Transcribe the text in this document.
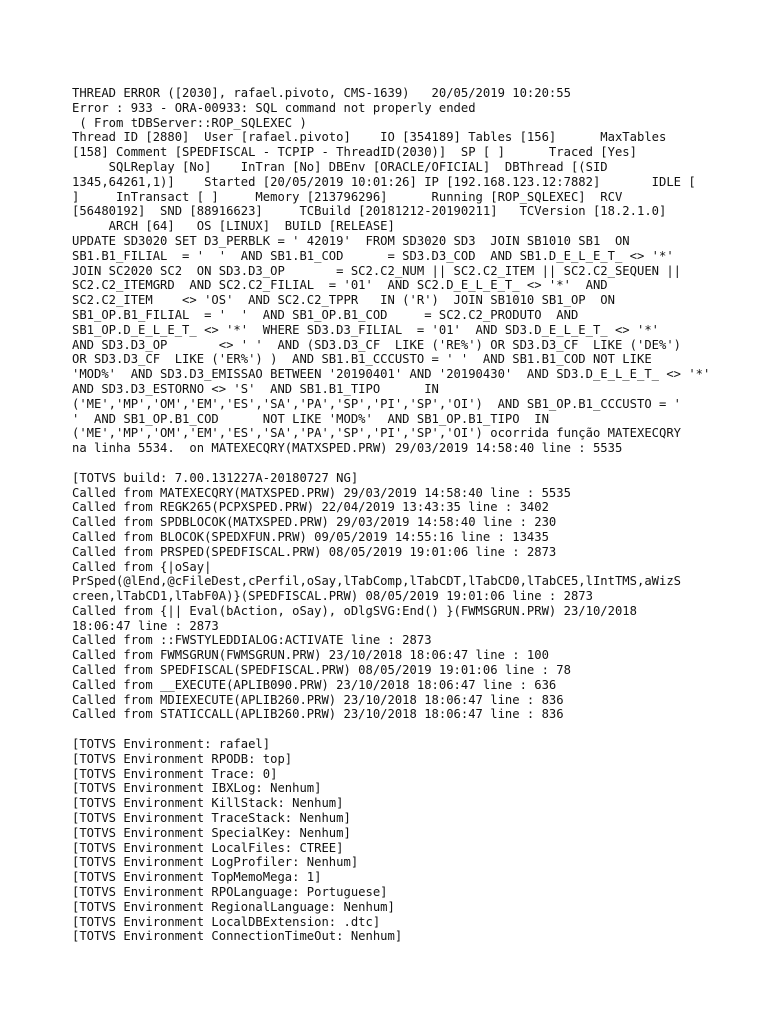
THREAD ERROR ([2030], rafael.pivoto, CMS-1639)   20/05/2019 10:20:55
Error : 933 - ORA-00933: SQL command not properly ended
( From tDBServer::ROP_SQLEXEC )
Thread ID [2880]  User [rafael.pivoto]    IO [354189] Tables [156]      MaxTables
[158] Comment [SPEDFISCAL - TCPIP - ThreadID(2030)]  SP [ ]      Traced [Yes]
SQLReplay [No]    InTran [No] DBEnv [ORACLE/OFICIAL]  DBThread [(SID
1345,64261,1)]    Started [20/05/2019 10:01:26] IP [192.168.123.12:7882]       IDLE [
]     InTransact [ ]     Memory [213796296]      Running [ROP_SQLEXEC]  RCV
[56480192]  SND [88916623]     TCBuild [20181212-20190211]   TCVersion [18.2.1.0]
ARCH [64]   OS [LINUX]  BUILD [RELEASE]
UPDATE SD3020 SET D3_PERBLK = ' 42019'  FROM SD3020 SD3  JOIN SB1010 SB1  ON
SB1.B1_FILIAL  = '  '  AND SB1.B1_COD      = SD3.D3_COD  AND SB1.D_E_L_E_T_ <> '*'
JOIN SC2020 SC2  ON SD3.D3_OP       = SC2.C2_NUM || SC2.C2_ITEM || SC2.C2_SEQUEN ||
SC2.C2_ITEMGRD  AND SC2.C2_FILIAL  = '01'  AND SC2.D_E_L_E_T_ <> '*'  AND
SC2.C2_ITEM    <> 'OS'  AND SC2.C2_TPPR   IN ('R')  JOIN SB1010 SB1_OP  ON
SB1_OP.B1_FILIAL  = '  '  AND SB1_OP.B1_COD     = SC2.C2_PRODUTO  AND
SB1_OP.D_E_L_E_T_ <> '*'  WHERE SD3.D3_FILIAL  = '01'  AND SD3.D_E_L_E_T_ <> '*'
AND SD3.D3_OP       <> ' '  AND (SD3.D3_CF  LIKE ('RE%') OR SD3.D3_CF  LIKE ('DE%')
OR SD3.D3_CF  LIKE ('ER%') )  AND SB1.B1_CCCUSTO = ' '  AND SB1.B1_COD NOT LIKE
'MOD%'  AND SD3.D3_EMISSAO BETWEEN '20190401' AND '20190430'  AND SD3.D_E_L_E_T_ <> '*'
AND SD3.D3_ESTORNO <> 'S'  AND SB1.B1_TIPO      IN
('ME','MP','OM','EM','ES','SA','PA','SP','PI','SP','OI')  AND SB1_OP.B1_CCCUSTO = '
'  AND SB1_OP.B1_COD      NOT LIKE 'MOD%'  AND SB1_OP.B1_TIPO  IN
('ME','MP','OM','EM','ES','SA','PA','SP','PI','SP','OI') ocorrida função MATEXECQRY
na linha 5534.  on MATEXECQRY(MATXSPED.PRW) 29/03/2019 14:58:40 line : 5535
[TOTVS build: 7.00.131227A-20180727 NG]
Called from MATEXECQRY(MATXSPED.PRW) 29/03/2019 14:58:40 line : 5535
Called from REGK265(PCPXSPED.PRW) 22/04/2019 13:43:35 line : 3402
Called from SPDBLOCOK(MATXSPED.PRW) 29/03/2019 14:58:40 line : 230
Called from BLOCOK(SPEDXFUN.PRW) 09/05/2019 14:55:16 line : 13435
Called from PRSPED(SPEDFISCAL.PRW) 08/05/2019 19:01:06 line : 2873
Called from {|oSay|
PrSped(@lEnd,@cFileDest,cPerfil,oSay,lTabComp,lTabCDT,lTabCD0,lTabCE5,lIntTMS,aWizS
creen,lTabCD1,lTabF0A)}(SPEDFISCAL.PRW) 08/05/2019 19:01:06 line : 2873
Called from {|| Eval(bAction, oSay), oDlgSVG:End() }(FWMSGRUN.PRW) 23/10/2018
18:06:47 line : 2873
Called from ::FWSTYLEDDIALOG:ACTIVATE line : 2873
Called from FWMSGRUN(FWMSGRUN.PRW) 23/10/2018 18:06:47 line : 100
Called from SPEDFISCAL(SPEDFISCAL.PRW) 08/05/2019 19:01:06 line : 78
Called from __EXECUTE(APLIB090.PRW) 23/10/2018 18:06:47 line : 636
Called from MDIEXECUTE(APLIB260.PRW) 23/10/2018 18:06:47 line : 836
Called from STATICCALL(APLIB260.PRW) 23/10/2018 18:06:47 line : 836
[TOTVS Environment: rafael]
[TOTVS Environment RPODB: top]
[TOTVS Environment Trace: 0]
[TOTVS Environment IBXLog: Nenhum]
[TOTVS Environment KillStack: Nenhum]
[TOTVS Environment TraceStack: Nenhum]
[TOTVS Environment SpecialKey: Nenhum]
[TOTVS Environment LocalFiles: CTREE]
[TOTVS Environment LogProfiler: Nenhum]
[TOTVS Environment TopMemoMega: 1]
[TOTVS Environment RPOLanguage: Portuguese]
[TOTVS Environment RegionalLanguage: Nenhum]
[TOTVS Environment LocalDBExtension: .dtc]
[TOTVS Environment ConnectionTimeOut: Nenhum]
